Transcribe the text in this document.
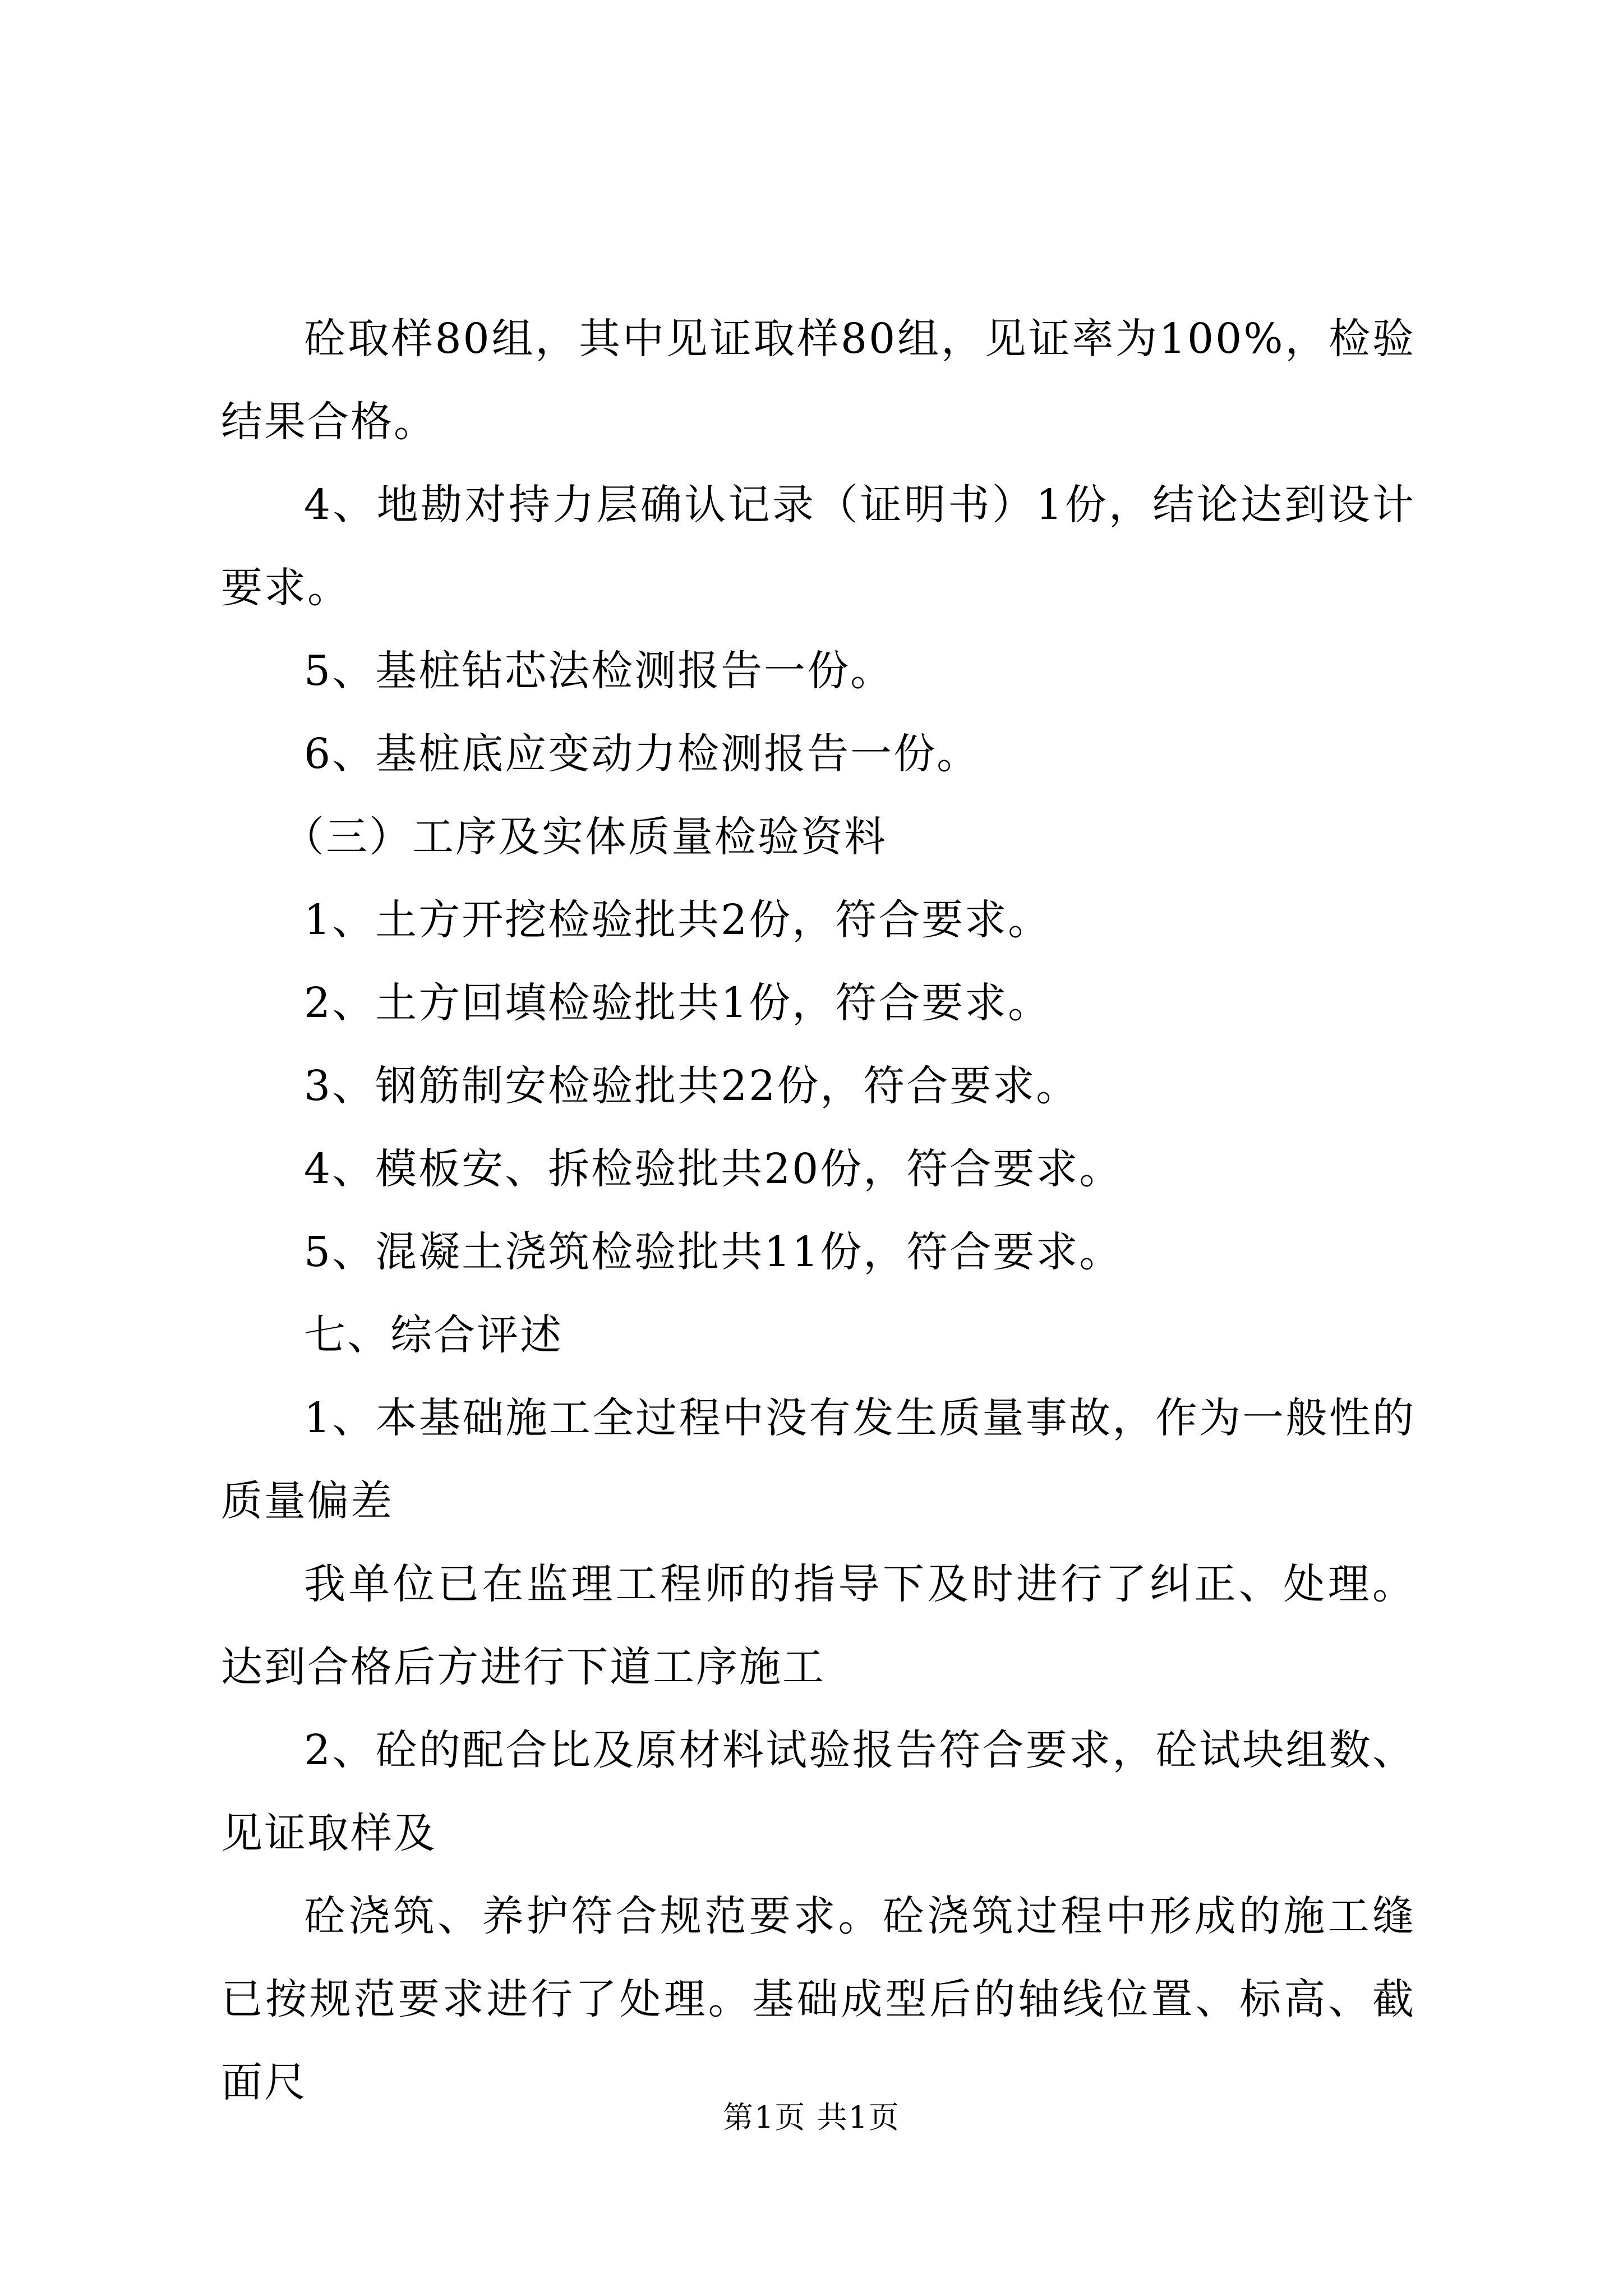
砼取样80组，其中见证取样80组，见证率为100%，检验结果合格。

4、地勘对持力层确认记录（证明书）1份，结论达到设计要求。

5、基桩钻芯法检测报告一份。

6、基桩底应变动力检测报告一份。

（三）工序及实体质量检验资料

1、土方开挖检验批共2份，符合要求。

2、土方回填检验批共1份，符合要求。

3、钢筋制安检验批共22份，符合要求。

4、模板安、拆检验批共20份，符合要求。

5、混凝土浇筑检验批共11份，符合要求。

七、综合评述

1、本基础施工全过程中没有发生质量事故，作为一般性的质量偏差

我单位已在监理工程师的指导下及时进行了纠正、处理。达到合格后方进行下道工序施工

2、砼的配合比及原材料试验报告符合要求，砼试块组数、见证取样及

砼浇筑、养护符合规范要求。砼浇筑过程中形成的施工缝已按规范要求进行了处理。基础成型后的轴线位置、标高、截面尺

第1页 共1页
